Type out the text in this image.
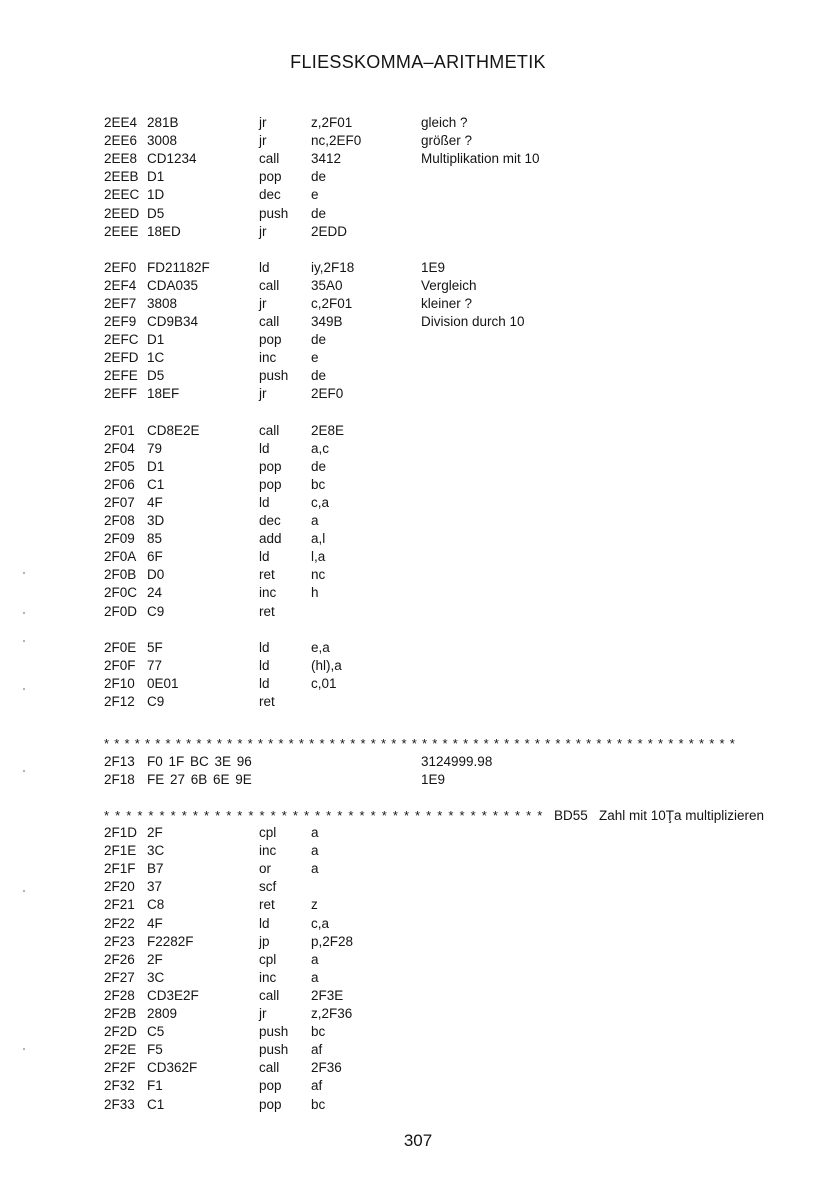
FLIESSKOMMA–ARITHMETIK
2EE4 281B	jr	z,2F01	gleich ?
2EE6 3008	jr	nc,2EF0	größer ?
2EE8 CD1234	call 3412	Multiplikation mit 10
2EEB D1	pop de
2EEC 1D	dec e
2EED D5	push de
2EEE 18ED	jr	2EDD
2EF0 FD21182F	ld	iy,2F18	1E9
2EF4 CDA035	call 35A0	Vergleich
2EF7 3808	jr	c,2F01	kleiner ?
2EF9 CD9B34	call 349B	Division durch 10
2EFC D1	pop de
2EFD 1C	inc	e
2EFE D5	push de
2EFF 18EF	jr	2EF0
2F01 CD8E2E	call 2E8E
2F04 79	ld	a,c
2F05 D1	pop de
2F06 C1	pop bc
2F07 4F	ld	c,a
2F08 3D	dec a
2F09 85	add a,l
2F0A 6F	ld	l,a
2F0B D0	ret	nc
2F0C 24	inc	h
2F0D C9	ret
2F0E 5F	ld	e,a
2F0F 77	ld	(hl),a
2F10 0E01	ld	c,01
2F12 C9	ret
**************************************************************
2F13 F0 1F BC 3E 96	3124999.98
2F18 FE 27 6B 6E 9E	1E9
**************************************** BD55 Zahl mit 10Ţa multiplizieren
2F1D 2F	cpl	a
2F1E 3C	inc	a
2F1F B7	or	a
2F20 37	scf
2F21 C8	ret	z
2F22 4F	ld	c,a
2F23 F2282F	jp	p,2F28
2F26 2F	cpl	a
2F27 3C	inc	a
2F28 CD3E2F	call 2F3E
2F2B 2809	jr	z,2F36
2F2D C5	push bc
2F2E F5	push af
2F2F CD362F	call 2F36
2F32 F1	pop af
2F33 C1	pop bc
307
